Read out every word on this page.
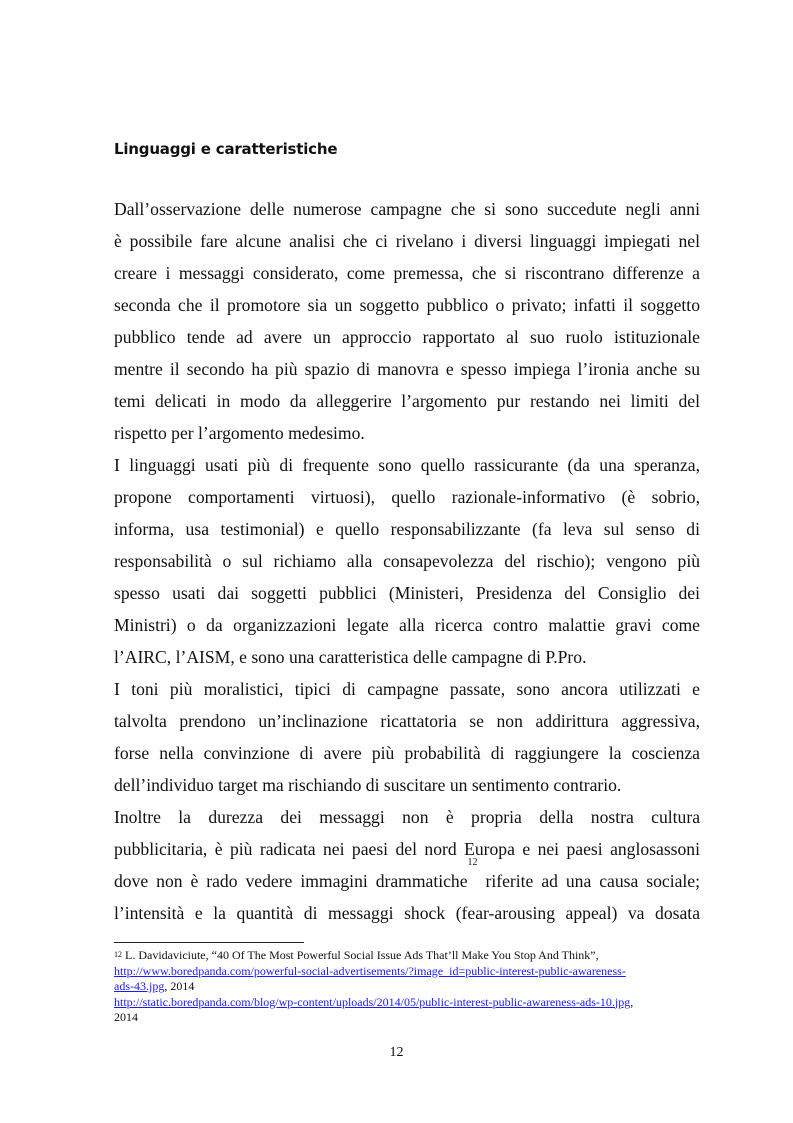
Linguaggi e caratteristiche

Dall’osservazione delle numerose campagne che si sono succedute negli anni
è possibile fare alcune analisi che ci rivelano i diversi linguaggi impiegati nel
creare i messaggi considerato, come premessa, che si riscontrano differenze a
seconda che il promotore sia un soggetto pubblico o privato; infatti il soggetto
pubblico tende ad avere un approccio rapportato al suo ruolo istituzionale
mentre il secondo ha più spazio di manovra e spesso impiega l’ironia anche su
temi delicati in modo da alleggerire l’argomento pur restando nei limiti del
rispetto per l’argomento medesimo.

I linguaggi usati più di frequente sono quello rassicurante (da una speranza,
propone comportamenti virtuosi), quello razionale-informativo (è sobrio,
informa, usa testimonial) e quello responsabilizzante (fa leva sul senso di
responsabilità o sul richiamo alla consapevolezza del rischio); vengono più
spesso usati dai soggetti pubblici (Ministeri, Presidenza del Consiglio dei
Ministri) o da organizzazioni legate alla ricerca contro malattie gravi come
l’AIRC, l’AISM, e sono una caratteristica delle campagne di P.Pro.

I toni più moralistici, tipici di campagne passate, sono ancora utilizzati e
talvolta prendono un’inclinazione ricattatoria se non addirittura aggressiva,
forse nella convinzione di avere più probabilità di raggiungere la coscienza
dell’individuo target ma rischiando di suscitare un sentimento contrario.

Inoltre la durezza dei messaggi non è propria della nostra cultura
pubblicitaria, è più radicata nei paesi del nord Europa e nei paesi anglosassoni
dove non è rado vedere immagini drammatiche$^{12}$ riferite ad una causa sociale;
l’intensità e la quantità di messaggi shock (fear-arousing appeal) va dosata

$^{12}$ L. Davidaviciute, “40 Of The Most Powerful Social Issue Ads That’ll Make You Stop And Think”,
http://www.boredpanda.com/powerful-social-advertisements/?image_id=public-interest-public-awareness-
ads-43.jpg, 2014
http://static.boredpanda.com/blog/wp-content/uploads/2014/05/public-interest-public-awareness-ads-10.jpg,
2014
12
